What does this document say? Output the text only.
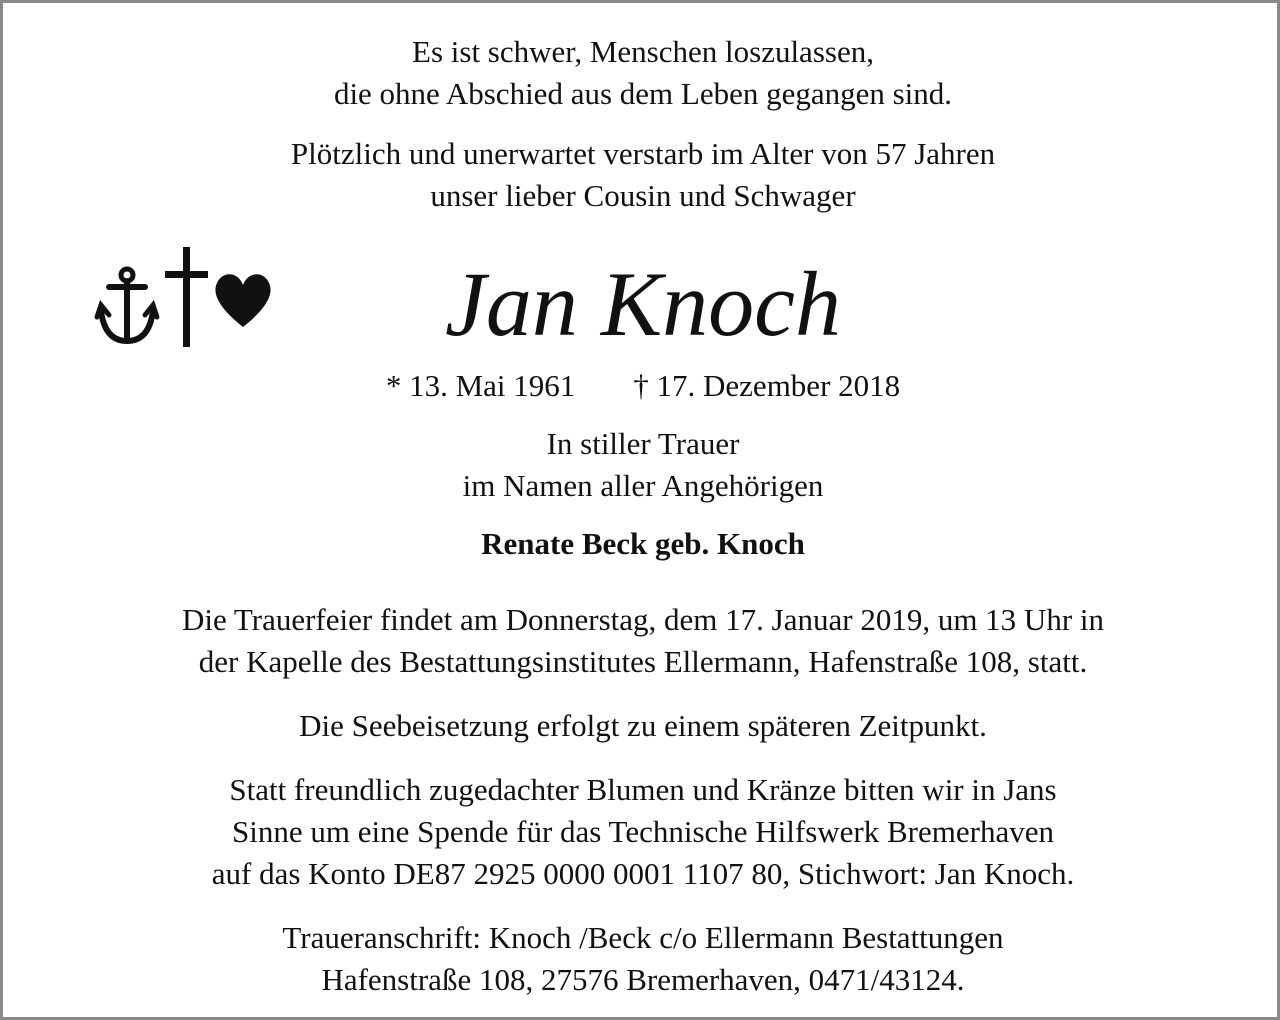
Es ist schwer, Menschen loszulassen,
die ohne Abschied aus dem Leben gegangen sind.
Plötzlich und unerwartet verstarb im Alter von 57 Jahren
unser lieber Cousin und Schwager
Jan Knoch
* 13. Mai 1961 † 17. Dezember 2018
In stiller Trauer
im Namen aller Angehörigen
Renate Beck geb. Knoch
Die Trauerfeier findet am Donnerstag, dem 17. Januar 2019, um 13 Uhr in
der Kapelle des Bestattungsinstitutes Ellermann, Hafenstraße 108, statt.
Die Seebeisetzung erfolgt zu einem späteren Zeitpunkt.
Statt freundlich zugedachter Blumen und Kränze bitten wir in Jans
Sinne um eine Spende für das Technische Hilfswerk Bremerhaven
auf das Konto DE87 2925 0000 0001 1107 80, Stichwort: Jan Knoch.
Traueranschrift: Knoch /Beck c/o Ellermann Bestattungen
Hafenstraße 108, 27576 Bremerhaven, 0471/43124.
